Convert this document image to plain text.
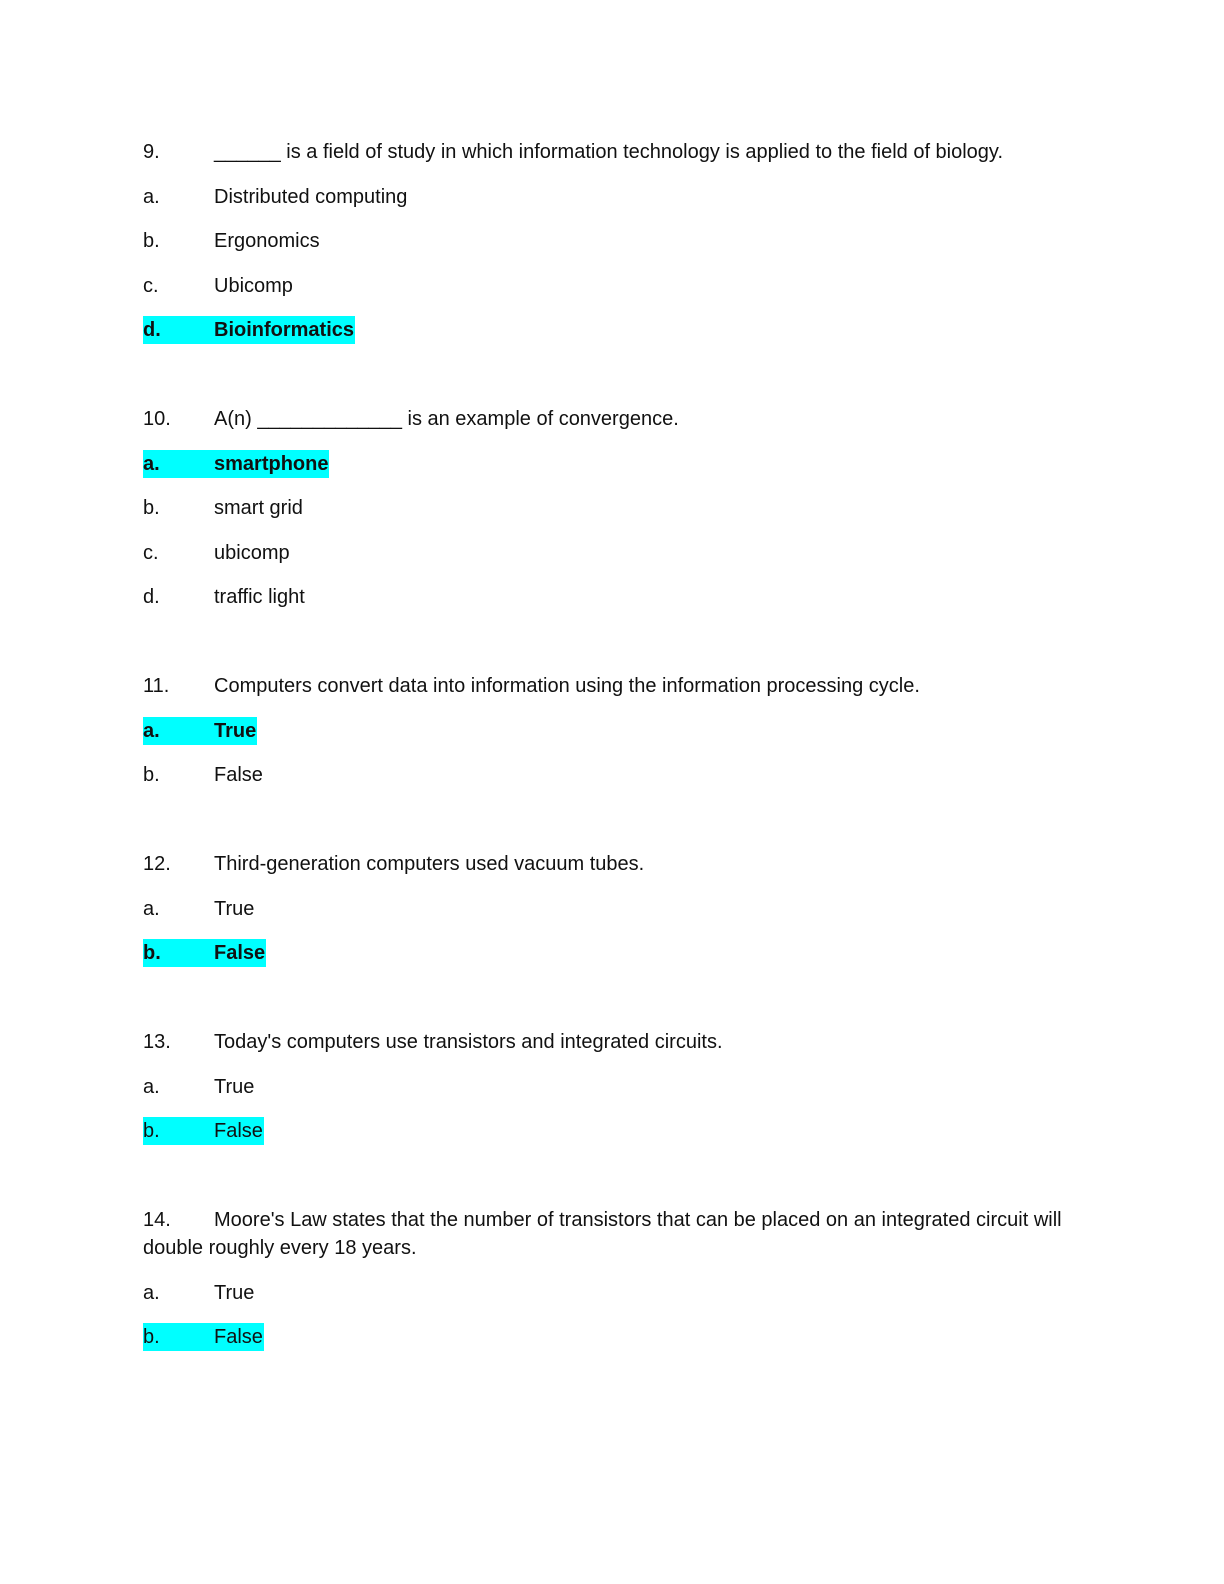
9.	______ is a field of study in which information technology is applied to the field of biology.
a.	Distributed computing
b.	Ergonomics
c.	Ubicomp
d.	Bioinformatics
10. A(n) _____________ is an example of convergence.
a.	smartphone
b.	smart grid
c.	ubicomp
d.	traffic light
11. Computers convert data into information using the information processing cycle.
a.	True
b.	False
12. Third-generation computers used vacuum tubes.
a.	True
b.	False
13. Today's computers use transistors and integrated circuits.
a.	True
b.	False
14. Moore's Law states that the number of transistors that can be placed on an integrated circuit will double roughly every 18 years.
a.	True
b.	False
